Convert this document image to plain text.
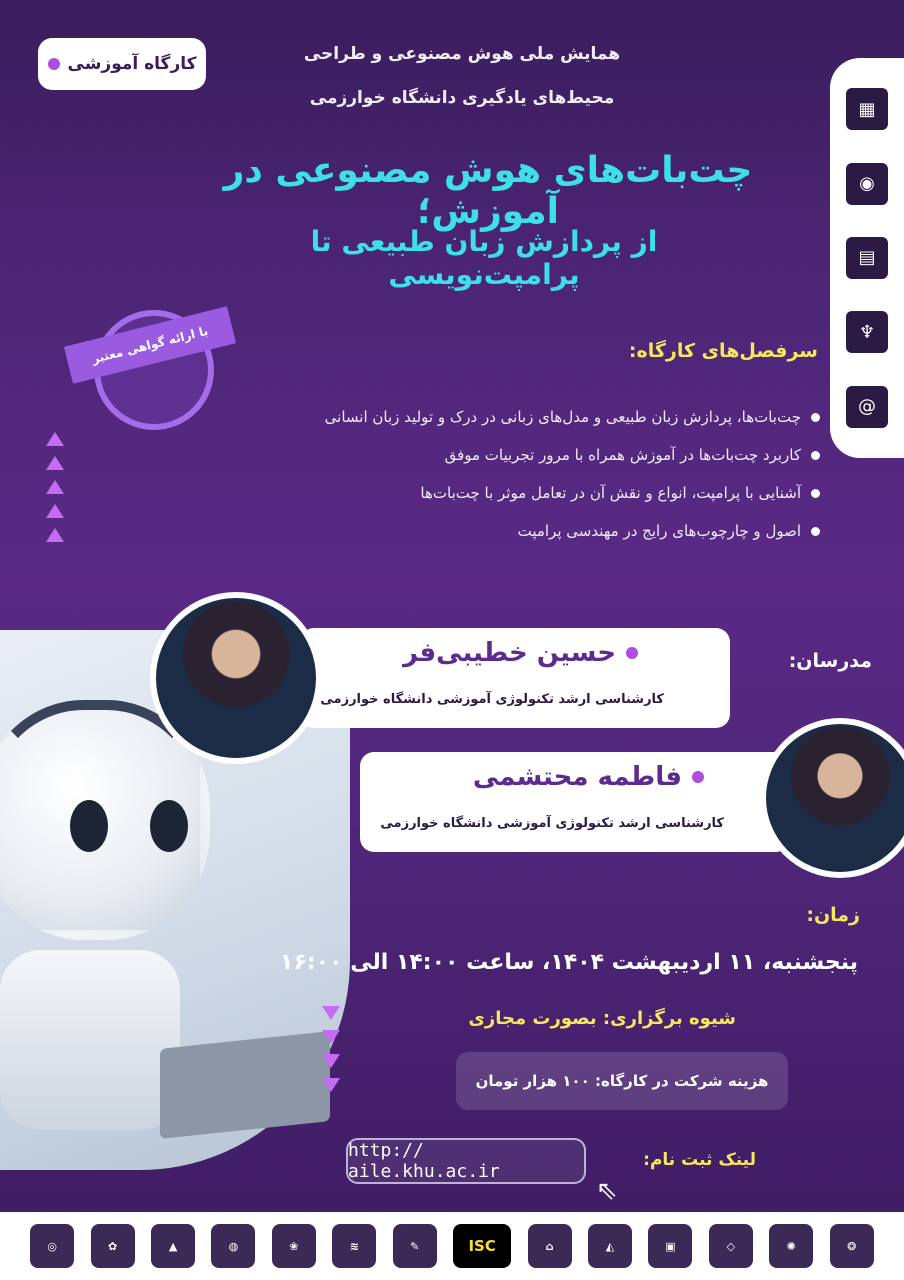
کارگاه آموزشی	همایش ملی هوش مصنوعی و طراحی
محیط‌های یادگیری دانشگاه خوارزمی
چت‌بات‌های هوش مصنوعی در آموزش؛
از پردازش زبان طبیعی تا پرامپت‌نویسی
▦
◉
▤
♆
@
با ارائه گواهی معتبر	سرفصل‌های کارگاه:
چت‌بات‌ها، پردازش زبان طبیعی و مدل‌های زبانی در درک و تولید زبان انسانی
کاربرد چت‌بات‌ها در آموزش همراه با مرور تجربیات موفق
آشنایی با پرامپت، انواع و نقش آن در تعامل موثر با چت‌بات‌ها
اصول و چارچوب‌های رایج در مهندسی پرامپت
مدرسان:
حسین خطیبی‌فر
کارشناسی ارشد تکنولوژی آموزشی دانشگاه خوارزمی
فاطمه محتشمی
کارشناسی ارشد تکنولوژی آموزشی دانشگاه خوارزمی
زمان:
پنجشنبه، ۱۱ اردیبهشت ۱۴۰۴، ساعت ۱۴:۰۰ الی ۱۶:۰۰
شیوه برگزاری: بصورت مجازی
هزینه شرکت در کارگاه: ۱۰۰ هزار تومان
لینک ثبت نام:
http:// aile.khu.ac.ir
⇖
◎	✿	▲	◍	❀	≋	✎	ISC	⌂	◭	▣	◇	✺	❂
